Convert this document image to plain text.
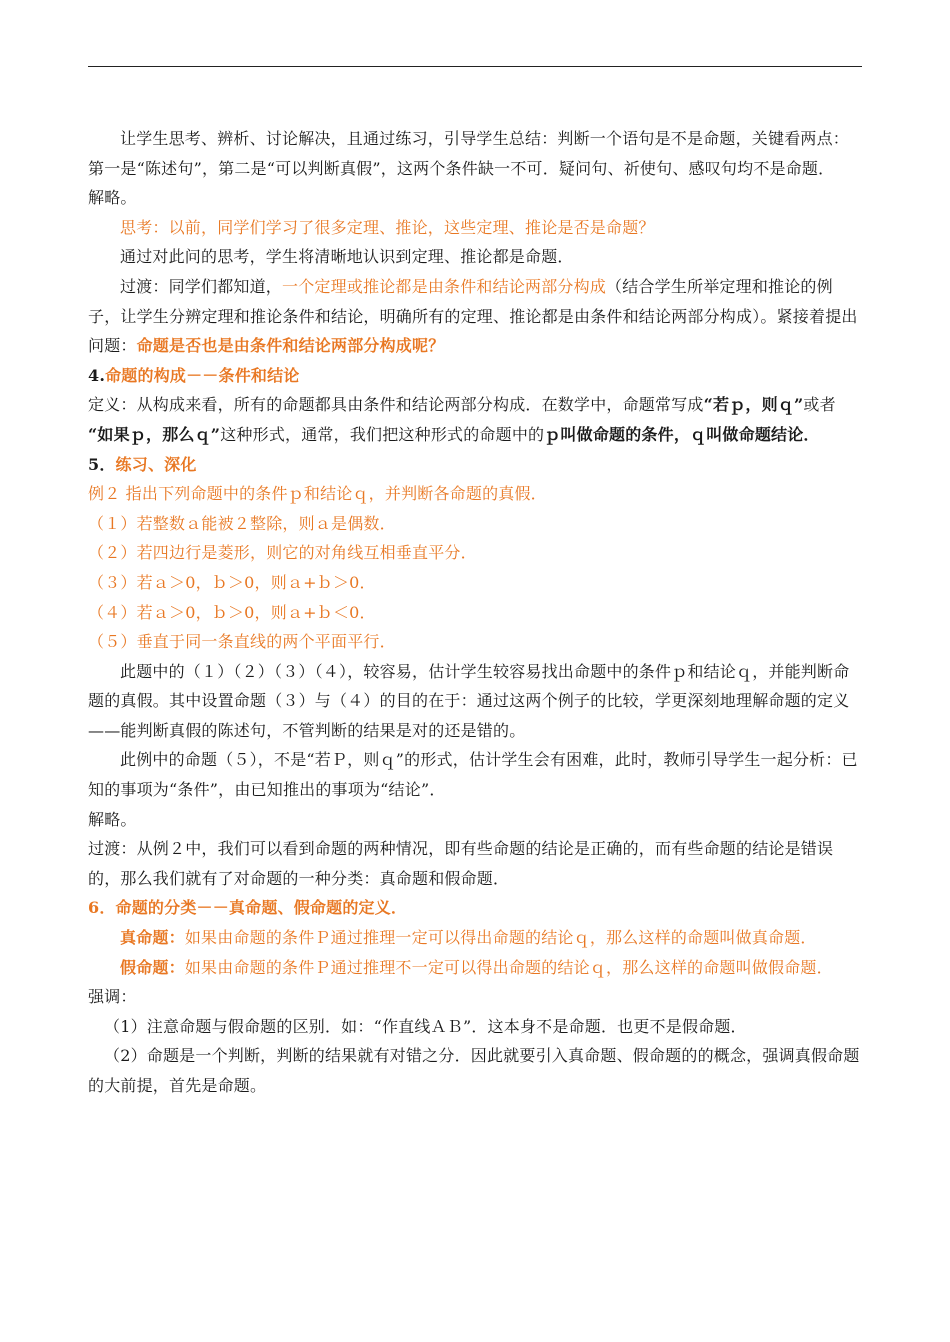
让学生思考、辨析、讨论解决，且通过练习，引导学生总结：判断一个语句是不是命题，关键看两点：第一是“陈述句”，第二是“可以判断真假”，这两个条件缺一不可．疑问句、祈使句、感叹句均不是命题．

解略。

思考：以前，同学们学习了很多定理、推论，这些定理、推论是否是命题？

通过对此问的思考，学生将清晰地认识到定理、推论都是命题．

过渡：同学们都知道，一个定理或推论都是由条件和结论两部分构成（结合学生所举定理和推论的例子，让学生分辨定理和推论条件和结论，明确所有的定理、推论都是由条件和结论两部分构成）。紧接着提出问题：命题是否也是由条件和结论两部分构成呢？

4.命题的构成－－条件和结论

定义：从构成来看，所有的命题都具由条件和结论两部分构成．在数学中，命题常写成“若ｐ，则ｑ”或者 “如果ｐ，那么ｑ”这种形式，通常，我们把这种形式的命题中的ｐ叫做命题的条件，ｑ叫做命题结论．

5．练习、深化

例２ 指出下列命题中的条件ｐ和结论ｑ，并判断各命题的真假．

（１）若整数ａ能被２整除，则ａ是偶数．

（２）若四边行是菱形，则它的对角线互相垂直平分．

（３）若ａ＞0，ｂ＞0，则ａ+ｂ＞0．

（４）若ａ＞0，ｂ＞0，则ａ+ｂ＜0．

（５）垂直于同一条直线的两个平面平行．

此题中的（１）（２）（３）（４），较容易，估计学生较容易找出命题中的条件ｐ和结论ｑ，并能判断命题的真假。其中设置命题（３）与（４）的目的在于：通过这两个例子的比较，学更深刻地理解命题的定义——能判断真假的陈述句，不管判断的结果是对的还是错的。

此例中的命题（５），不是“若Ｐ，则ｑ”的形式，估计学生会有困难，此时，教师引导学生一起分析：已知的事项为“条件”，由已知推出的事项为“结论”．

解略。

过渡：从例２中，我们可以看到命题的两种情况，即有些命题的结论是正确的，而有些命题的结论是错误的，那么我们就有了对命题的一种分类：真命题和假命题．

6．命题的分类－－真命题、假命题的定义．

真命题：如果由命题的条件Ｐ通过推理一定可以得出命题的结论ｑ，那么这样的命题叫做真命题．

假命题：如果由命题的条件Ｐ通过推理不一定可以得出命题的结论ｑ，那么这样的命题叫做假命题．

强调：

（1）注意命题与假命题的区别．如：“作直线ＡＢ”．这本身不是命题．也更不是假命题．

（2）命题是一个判断，判断的结果就有对错之分．因此就要引入真命题、假命题的的概念，强调真假命题的大前提，首先是命题。
